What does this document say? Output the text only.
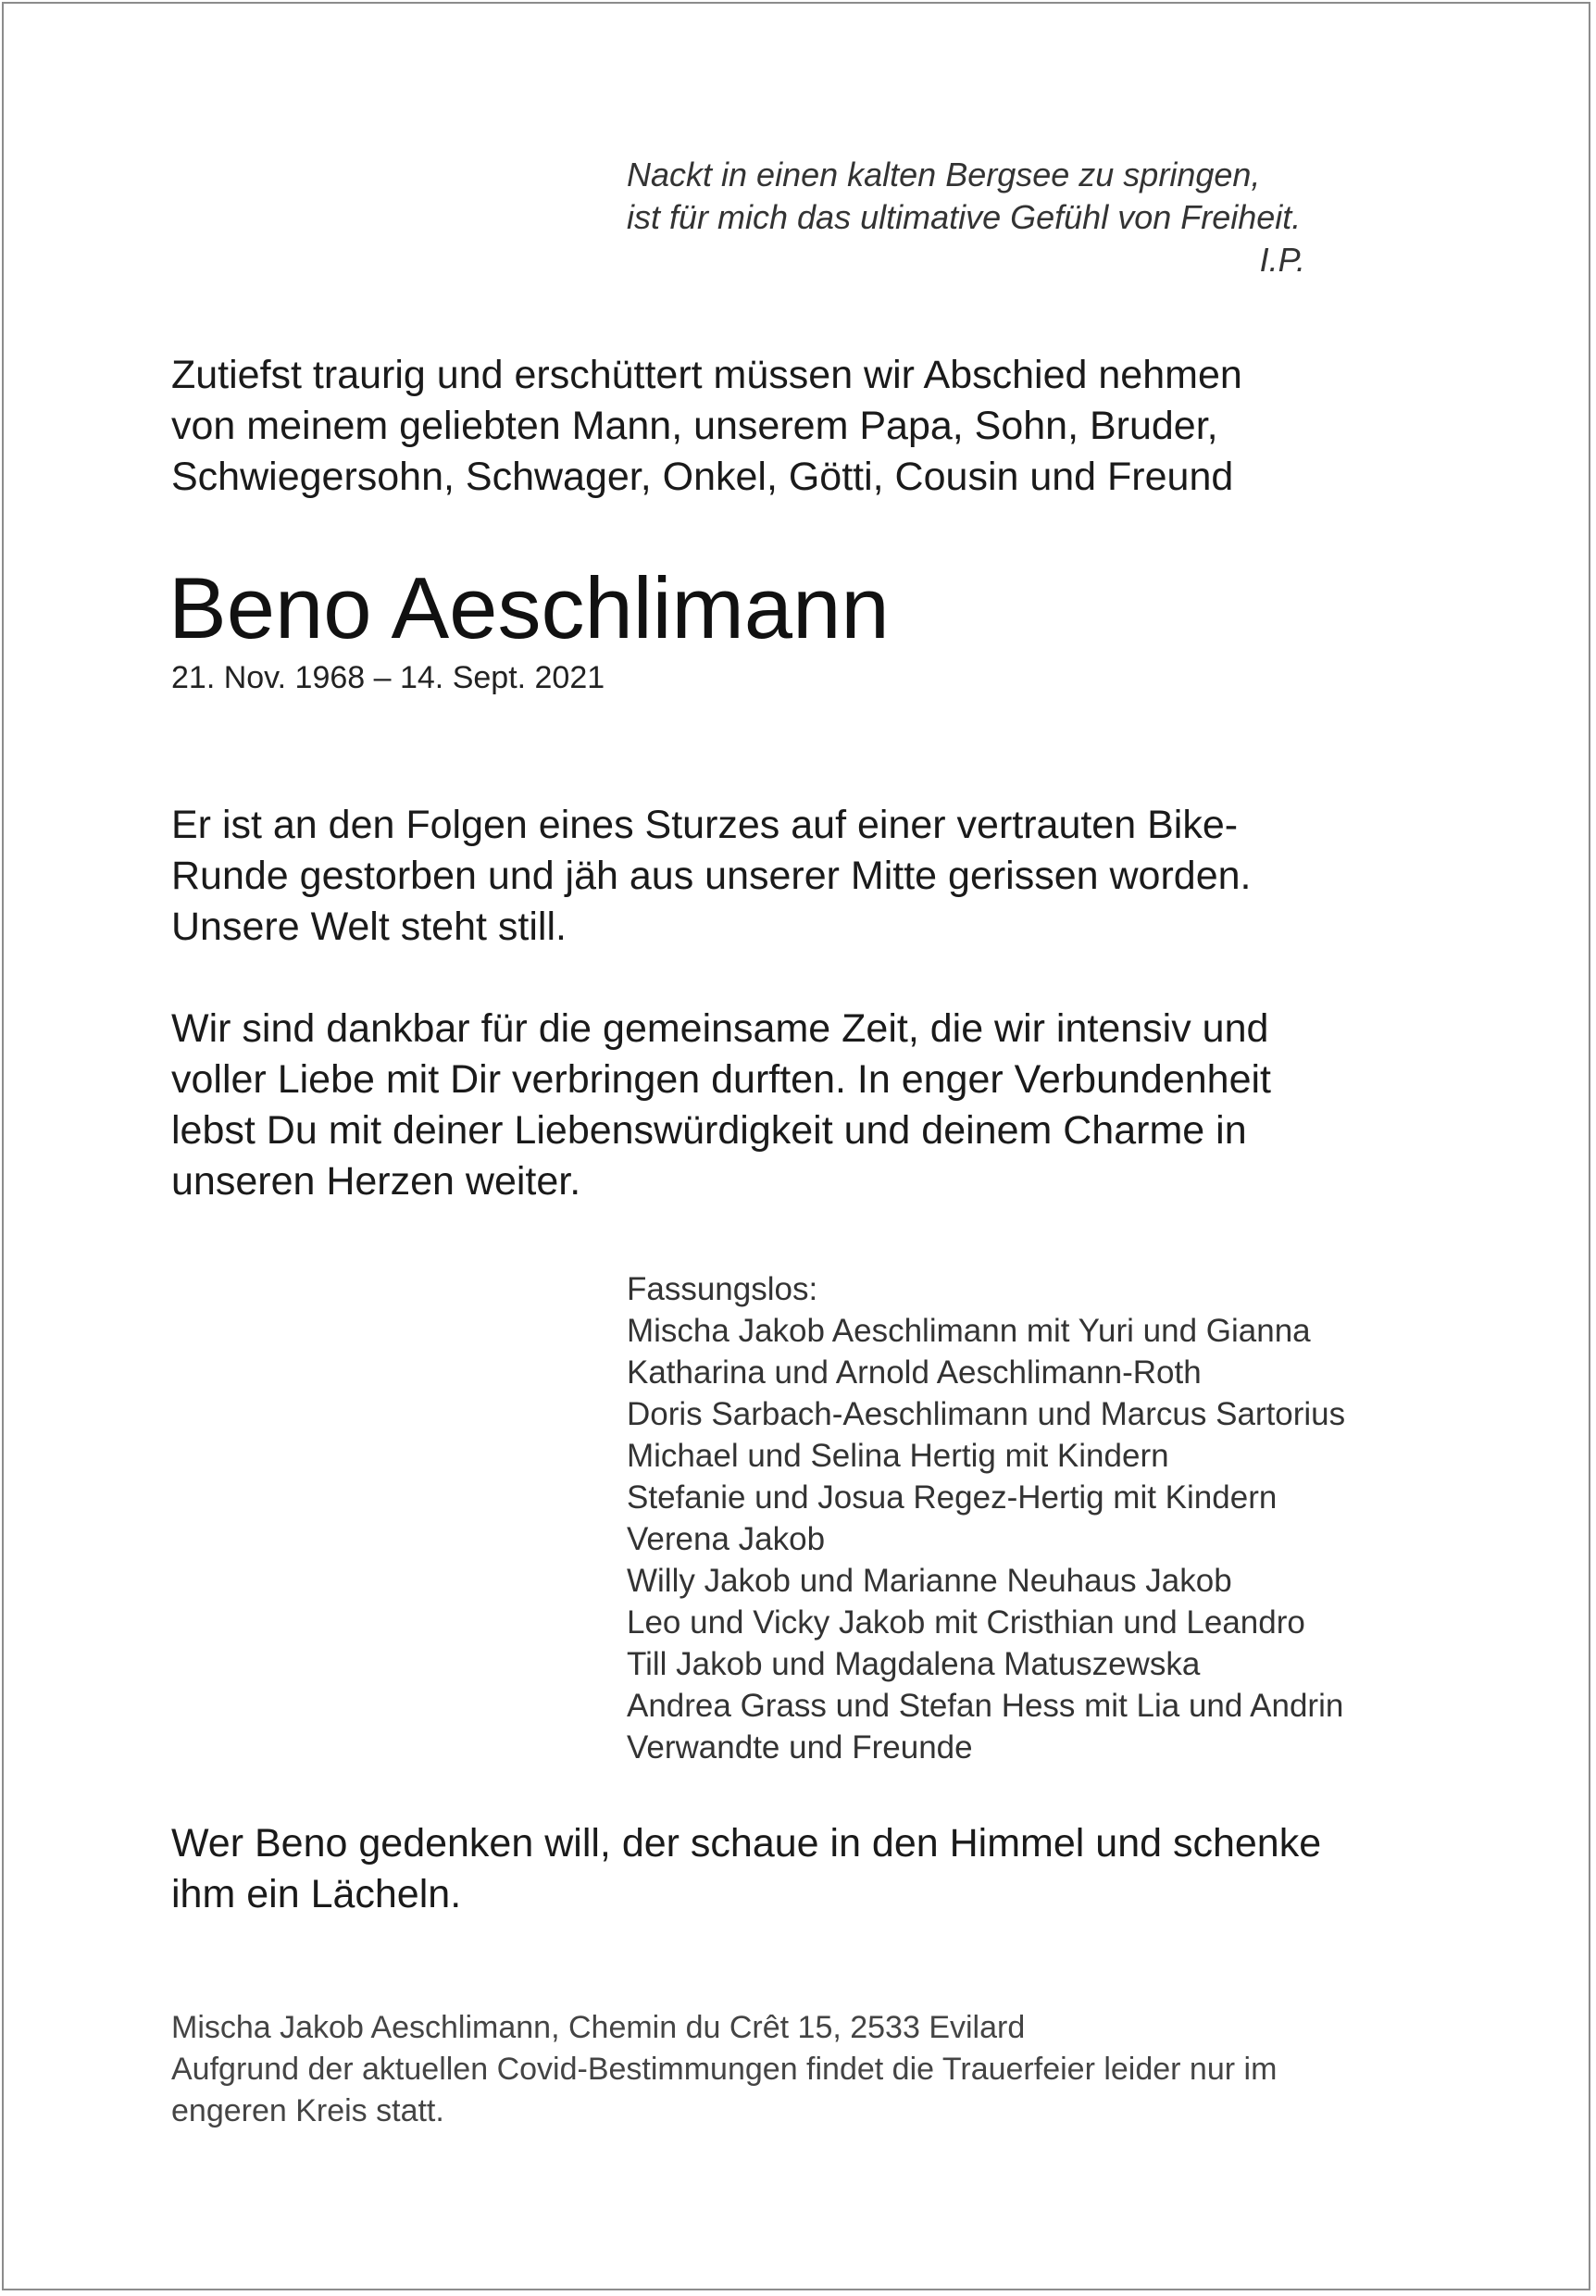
Nackt in einen kalten Bergsee zu springen,
ist für mich das ultimative Gefühl von Freiheit.
I.P.
Zutiefst traurig und erschüttert müssen wir Abschied nehmen
von meinem geliebten Mann, unserem Papa, Sohn, Bruder,
Schwiegersohn, Schwager, Onkel, Götti, Cousin und Freund
Beno Aeschlimann
21. Nov. 1968 – 14. Sept. 2021
Er ist an den Folgen eines Sturzes auf einer vertrauten Bike-
Runde gestorben und jäh aus unserer Mitte gerissen worden.
Unsere Welt steht still.
Wir sind dankbar für die gemeinsame Zeit, die wir intensiv und
voller Liebe mit Dir verbringen durften. In enger Verbundenheit
lebst Du mit deiner Liebenswürdigkeit und deinem Charme in
unseren Herzen weiter.
Fassungslos:
Mischa Jakob Aeschlimann mit Yuri und Gianna
Katharina und Arnold Aeschlimann-Roth
Doris Sarbach-Aeschlimann und Marcus Sartorius
Michael und Selina Hertig mit Kindern
Stefanie und Josua Regez-Hertig mit Kindern
Verena Jakob
Willy Jakob und Marianne Neuhaus Jakob
Leo und Vicky Jakob mit Cristhian und Leandro
Till Jakob und Magdalena Matuszewska
Andrea Grass und Stefan Hess mit Lia und Andrin
Verwandte und Freunde
Wer Beno gedenken will, der schaue in den Himmel und schenke
ihm ein Lächeln.
Mischa Jakob Aeschlimann, Chemin du Crêt 15, 2533 Evilard
Aufgrund der aktuellen Covid-Bestimmungen findet die Trauerfeier leider nur im
engeren Kreis statt.
